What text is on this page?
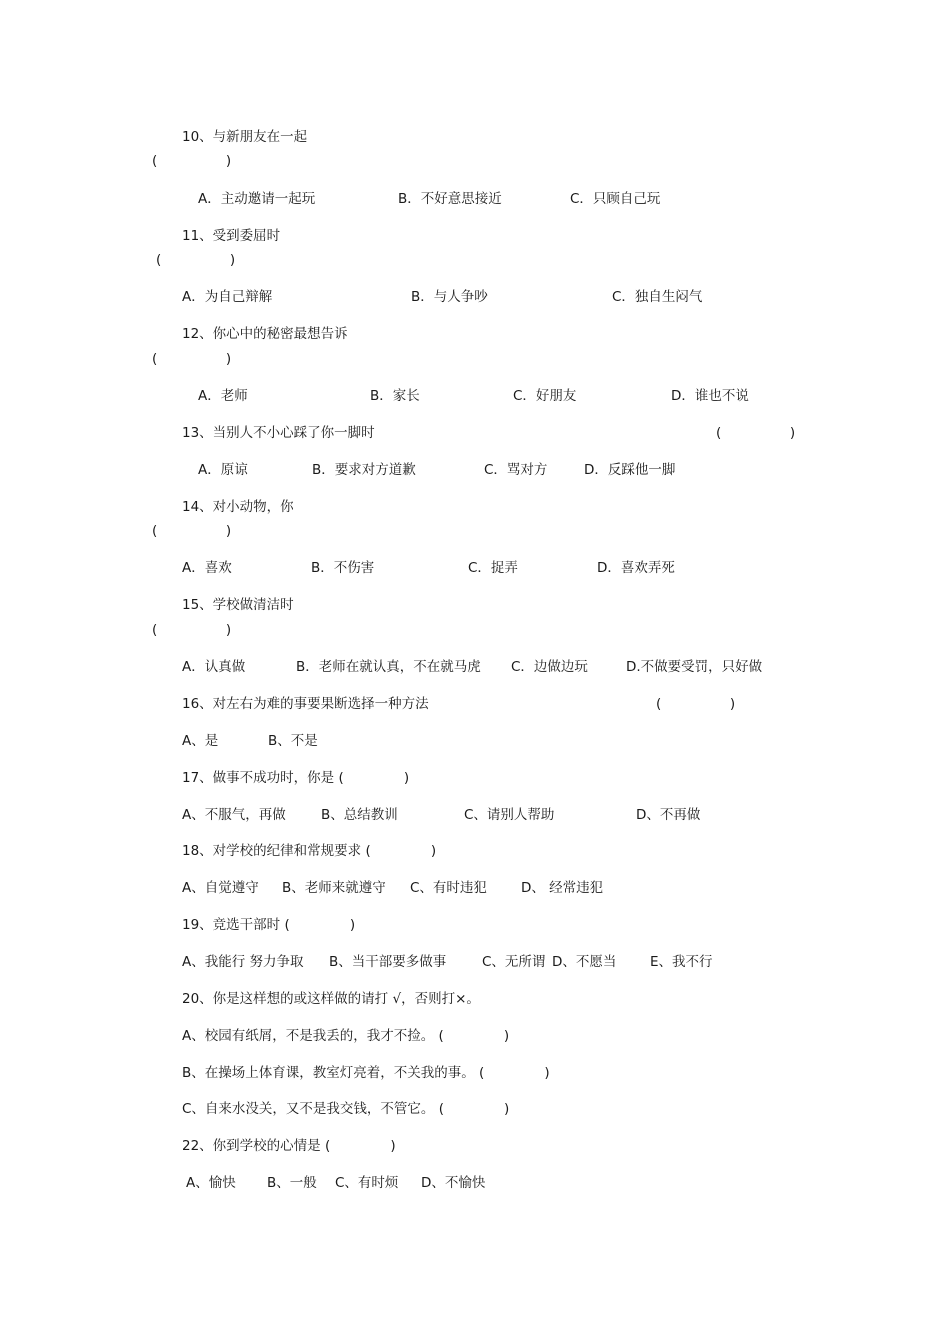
10、与新朋友在一起
(                )
A．主动邀请一起玩	B．不好意思接近	C．只顾自己玩
11、受到委屈时
(                )
A．为自己辩解	B．与人争吵	C．独自生闷气
12、你心中的秘密最想告诉
(                )
A．老师	B．家长	C．好朋友	D．谁也不说
13、当别人不小心踩了你一脚时	(                )
A．原谅	B．要求对方道歉	C．骂对方	D．反踩他一脚
14、对小动物，你
(                )
A．喜欢	B．不伤害	C．捉弄	D．喜欢弄死
15、学校做清洁时
(                )
A．认真做	B．老师在就认真，不在就马虎 C．边做边玩	D.不做要受罚，只好做
16、对左右为难的事要果断选择一种方法	(                )
A、是	B、不是
17、做事不成功时，你是 (              )
A、不服气，再做	B、总结教训	C、请别人帮助	D、不再做
18、对学校的纪律和常规要求 (              )
A、自觉遵守 B、老师来就遵守 C、有时违犯	D、 经常违犯
19、竞选干部时 (              )
A、我能行 努力争取 B、当干部要多做事	C、无所谓 D、不愿当 E、我不行
20、你是这样想的或这样做的请打 √，否则打×。
A、校园有纸屑，不是我丢的，我才不捡。 (              )
B、在操场上体育课，教室灯亮着，不关我的事。 (              )
C、自来水没关，又不是我交钱，不管它。 (              )
22、你到学校的心情是 (              )
A、愉快 B、一般 C、有时烦 D、不愉快
